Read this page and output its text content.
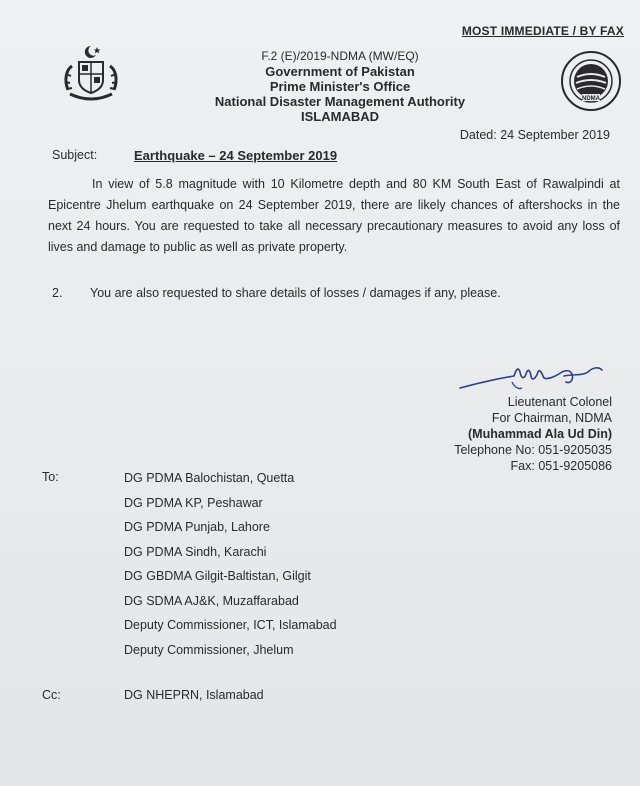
MOST IMMEDIATE / BY FAX
F.2 (E)/2019-NDMA (MW/EQ)
Government of Pakistan
Prime Minister's Office
National Disaster Management Authority
ISLAMABAD
NDMA
Dated: 24 September 2019
Subject:	Earthquake – 24 September 2019

In view of 5.8 magnitude with 10 Kilometre depth and 80 KM South East of Rawalpindi at Epicentre Jhelum earthquake on 24 September 2019, there are likely chances of aftershocks in the next 24 hours. You are requested to take all necessary precautionary measures to avoid any loss of lives and damage to public as well as private property.

2. You are also requested to share details of losses / damages if any, please.
Lieutenant Colonel
For Chairman, NDMA
(Muhammad Ala Ud Din)
Telephone No: 051-9205035
Fax: 051-9205086
To:	DG PDMA Balochistan, Quetta
DG PDMA KP, Peshawar
DG PDMA Punjab, Lahore
DG PDMA Sindh, Karachi
DG GBDMA Gilgit-Baltistan, Gilgit
DG SDMA AJ&K, Muzaffarabad
Deputy Commissioner, ICT, Islamabad
Deputy Commissioner, Jhelum
Cc:	DG NHEPRN, Islamabad
